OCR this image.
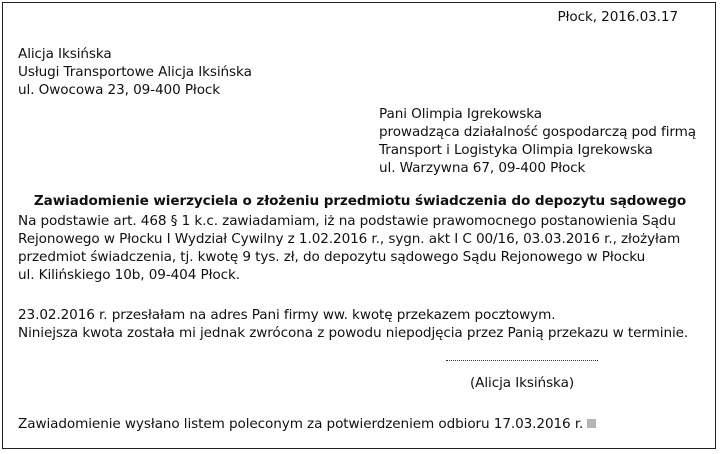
Płock, 2016.03.17
Alicja Iksińska
Usługi Transportowe Alicja Iksińska
ul. Owocowa 23, 09-400 Płock
Pani Olimpia Igrekowska
prowadząca działalność gospodarczą pod firmą
Transport i Logistyka Olimpia Igrekowska
ul. Warzywna 67, 09-400 Płock
Zawiadomienie wierzyciela o złożeniu przedmiotu świadczenia do depozytu sądowego
Na podstawie art. 468 § 1 k.c. zawiadamiam, iż na podstawie prawomocnego postanowienia Sądu
Rejonowego w Płocku I Wydział Cywilny z 1.02.2016 r., sygn. akt I C 00/16, 03.03.2016 r., złożyłam
przedmiot świadczenia, tj. kwotę 9 tys. zł, do depozytu sądowego Sądu Rejonowego w Płocku
ul. Kilińskiego 10b, 09-404 Płock.
23.02.2016 r. przesłałam na adres Pani firmy ww. kwotę przekazem pocztowym.
Niniejsza kwota została mi jednak zwrócona z powodu niepodjęcia przez Panią przekazu w terminie.
(Alicja Iksińska)
Zawiadomienie wysłano listem poleconym za potwierdzeniem odbioru 17.03.2016 r.
